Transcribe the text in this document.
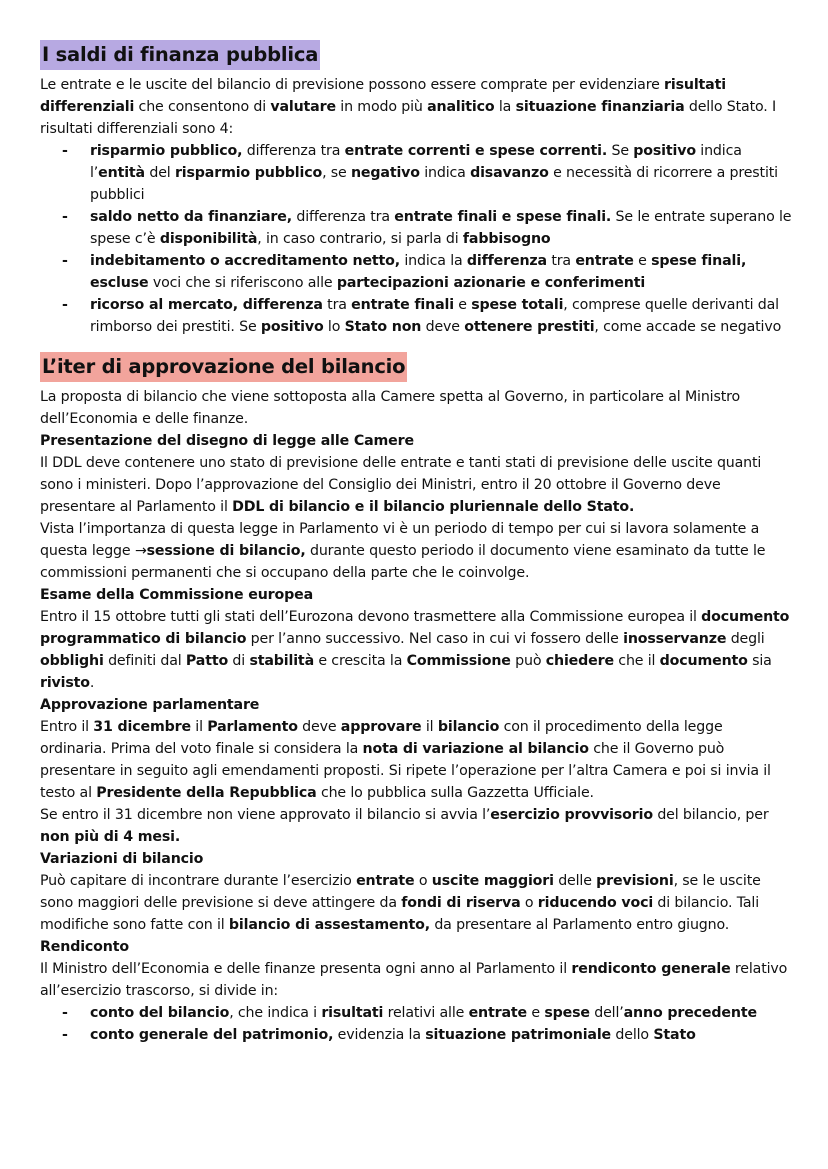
I saldi di finanza pubblica

Le entrate e le uscite del bilancio di previsione possono essere comprate per evidenziare risultati differenziali che consentono di valutare in modo più analitico la situazione finanziaria dello Stato. I risultati differenziali sono 4:

- risparmio pubblico, differenza tra entrate correnti e spese correnti. Se positivo indica l’entità del risparmio pubblico, se negativo indica disavanzo e necessità di ricorrere a prestiti pubblici
- saldo netto da finanziare, differenza tra entrate finali e spese finali. Se le entrate superano le spese c’è disponibilità, in caso contrario, si parla di fabbisogno
- indebitamento o accreditamento netto, indica la differenza tra entrate e spese finali, escluse voci che si riferiscono alle partecipazioni azionarie e conferimenti
- ricorso al mercato, differenza tra entrate finali e spese totali, comprese quelle derivanti dal rimborso dei prestiti. Se positivo lo Stato non deve ottenere prestiti, come accade se negativo
L’iter di approvazione del bilancio

La proposta di bilancio che viene sottoposta alla Camere spetta al Governo, in particolare al Ministro dell’Economia e delle finanze.

Presentazione del disegno di legge alle Camere

Il DDL deve contenere uno stato di previsione delle entrate e tanti stati di previsione delle uscite quanti sono i ministeri. Dopo l’approvazione del Consiglio dei Ministri, entro il 20 ottobre il Governo deve presentare al Parlamento il DDL di bilancio e il bilancio pluriennale dello Stato.

Vista l’importanza di questa legge in Parlamento vi è un periodo di tempo per cui si lavora solamente a questa legge →sessione di bilancio, durante questo periodo il documento viene esaminato da tutte le commissioni permanenti che si occupano della parte che le coinvolge.

Esame della Commissione europea

Entro il 15 ottobre tutti gli stati dell’Eurozona devono trasmettere alla Commissione europea il documento programmatico di bilancio per l’anno successivo. Nel caso in cui vi fossero delle inosservanze degli obblighi definiti dal Patto di stabilità e crescita la Commissione può chiedere che il documento sia rivisto.

Approvazione parlamentare

Entro il 31 dicembre il Parlamento deve approvare il bilancio con il procedimento della legge ordinaria. Prima del voto finale si considera la nota di variazione al bilancio che il Governo può presentare in seguito agli emendamenti proposti. Si ripete l’operazione per l’altra Camera e poi si invia il testo al Presidente della Repubblica che lo pubblica sulla Gazzetta Ufficiale.

Se entro il 31 dicembre non viene approvato il bilancio si avvia l’esercizio provvisorio del bilancio, per non più di 4 mesi.

Variazioni di bilancio

Può capitare di incontrare durante l’esercizio entrate o uscite maggiori delle previsioni, se le uscite sono maggiori delle previsione si deve attingere da fondi di riserva o riducendo voci di bilancio. Tali modifiche sono fatte con il bilancio di assestamento, da presentare al Parlamento entro giugno.

Rendiconto

Il Ministro dell’Economia e delle finanze presenta ogni anno al Parlamento il rendiconto generale relativo all’esercizio trascorso, si divide in:

- conto del bilancio, che indica i risultati relativi alle entrate e spese dell’anno precedente
- conto generale del patrimonio, evidenzia la situazione patrimoniale dello Stato
